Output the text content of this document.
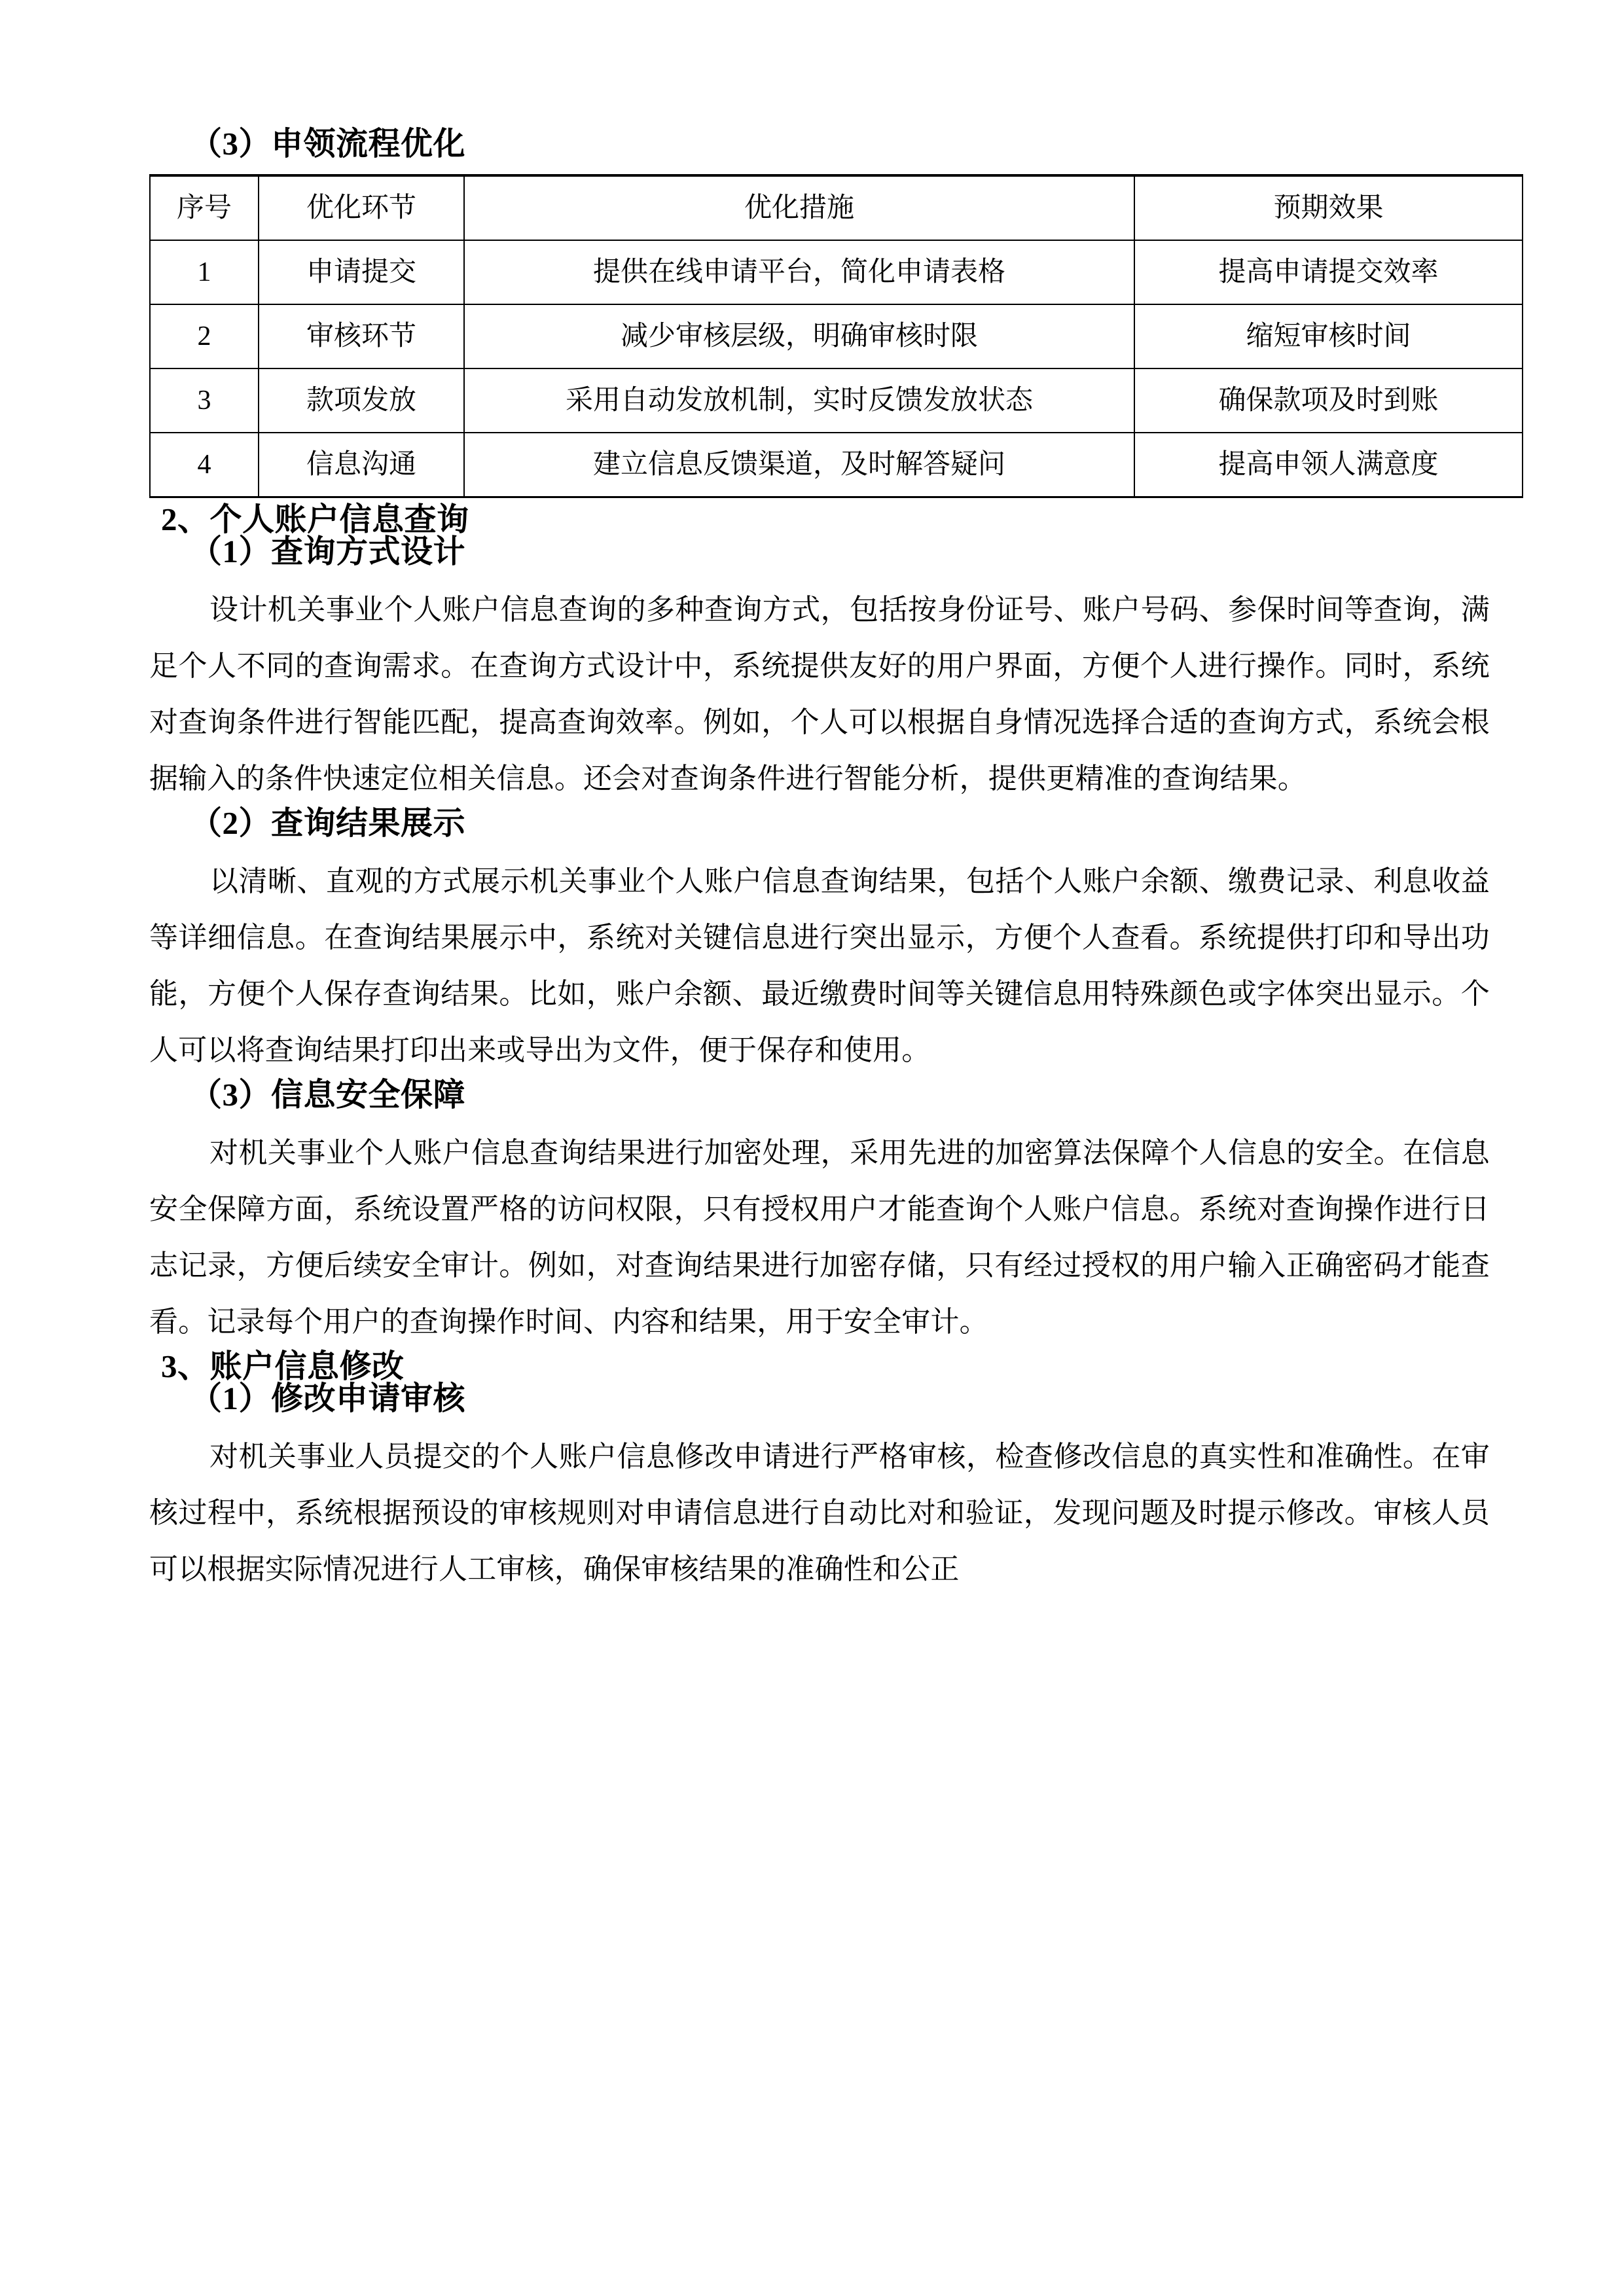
（3）申领流程优化
序号	优化环节	优化措施	预期效果
1	申请提交	提供在线申请平台，简化申请表格	提高申请提交效率
2	审核环节	减少审核层级，明确审核时限	缩短审核时间
3	款项发放	采用自动发放机制，实时反馈发放状态	确保款项及时到账
4	信息沟通	建立信息反馈渠道，及时解答疑问	提高申领人满意度
2、个人账户信息查询
（1）查询方式设计

设计机关事业个人账户信息查询的多种查询方式，包括按身份证号、账户号码、参保时间等查询，满足个人不同的查询需求。在查询方式设计中，系统提供友好的用户界面，方便个人进行操作。同时，系统对查询条件进行智能匹配，提高查询效率。例如，个人可以根据自身情况选择合适的查询方式，系统会根据输入的条件快速定位相关信息。还会对查询条件进行智能分析，提供更精准的查询结果。

（2）查询结果展示

以清晰、直观的方式展示机关事业个人账户信息查询结果，包括个人账户余额、缴费记录、利息收益等详细信息。在查询结果展示中，系统对关键信息进行突出显示，方便个人查看。系统提供打印和导出功能，方便个人保存查询结果。比如，账户余额、最近缴费时间等关键信息用特殊颜色或字体突出显示。个人可以将查询结果打印出来或导出为文件，便于保存和使用。

（3）信息安全保障

对机关事业个人账户信息查询结果进行加密处理，采用先进的加密算法保障个人信息的安全。在信息安全保障方面，系统设置严格的访问权限，只有授权用户才能查询个人账户信息。系统对查询操作进行日志记录，方便后续安全审计。例如，对查询结果进行加密存储，只有经过授权的用户输入正确密码才能查看。记录每个用户的查询操作时间、内容和结果，用于安全审计。

3、账户信息修改
（1）修改申请审核

对机关事业人员提交的个人账户信息修改申请进行严格审核，检查修改信息的真实性和准确性。在审核过程中，系统根据预设的审核规则对申请信息进行自动比对和验证，发现问题及时提示修改。审核人员可以根据实际情况进行人工审核，确保审核结果的准确性和公正
